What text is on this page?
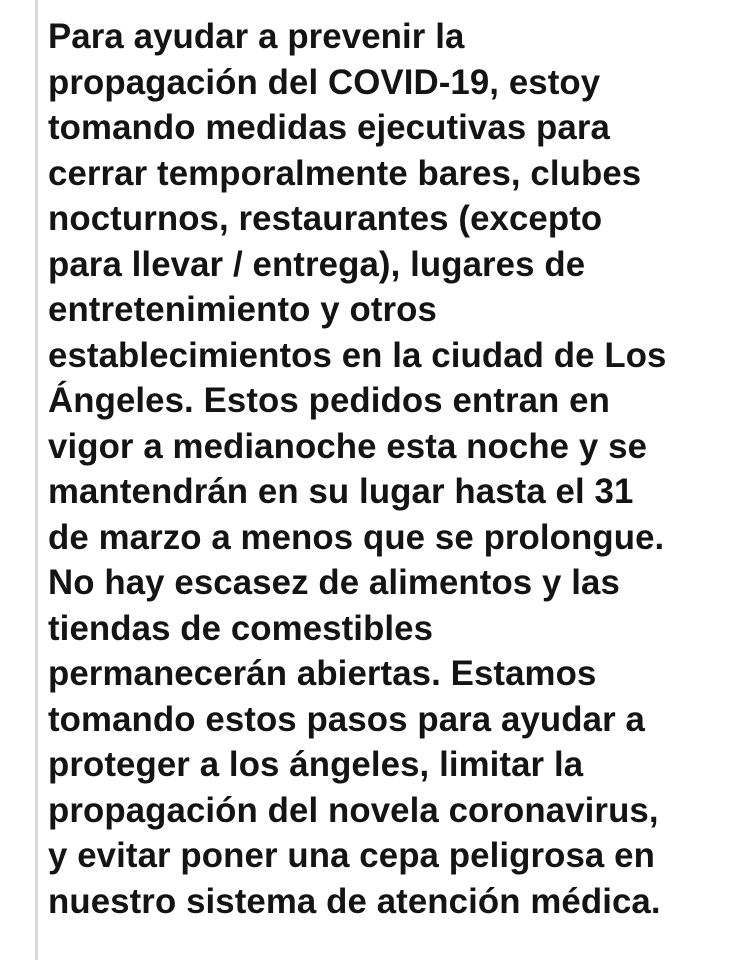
Para ayudar a prevenir la
propagación del COVID-19, estoy
tomando medidas ejecutivas para
cerrar temporalmente bares, clubes
nocturnos, restaurantes (excepto
para llevar / entrega), lugares de
entretenimiento y otros
establecimientos en la ciudad de Los
Ángeles. Estos pedidos entran en
vigor a medianoche esta noche y se
mantendrán en su lugar hasta el 31
de marzo a menos que se prolongue.
No hay escasez de alimentos y las
tiendas de comestibles
permanecerán abiertas. Estamos
tomando estos pasos para ayudar a
proteger a los ángeles, limitar la
propagación del novela coronavirus,
y evitar poner una cepa peligrosa en
nuestro sistema de atención médica.
